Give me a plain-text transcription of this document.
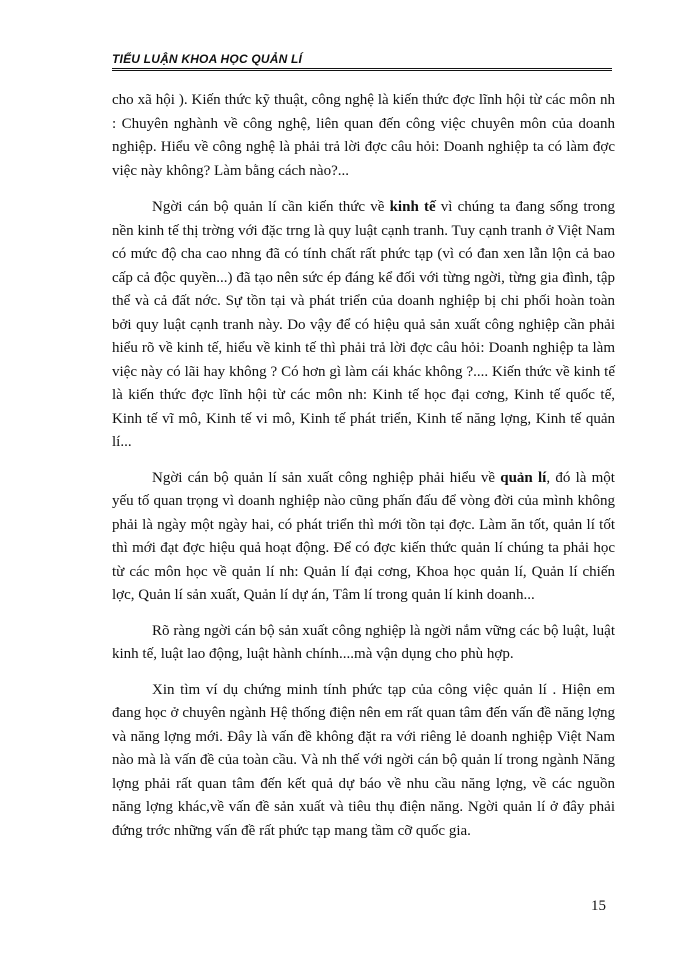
TIỂU LUẬN KHOA HỌC QUẢN LÍ

cho xã hội ). Kiến thức kỹ thuật, công nghệ là kiến thức đợc lĩnh hội từ các môn nh : Chuyên nghành về công nghệ, liên quan đến công việc chuyên môn của doanh nghiệp. Hiểu về công nghệ là phải trả lời đợc câu hỏi: Doanh nghiệp ta có làm đợc việc này không? Làm bằng cách nào?...

Ngời cán bộ quản lí cần kiến thức về kinh tế vì chúng ta đang sống trong nền kinh tế thị trờng với đặc trng là quy luật cạnh tranh. Tuy cạnh tranh ở Việt Nam có mức độ cha cao nhng đã có tính chất rất phức tạp (vì có đan xen lẫn lộn cả bao cấp cả độc quyền...) đã tạo nên sức ép đáng kể đối với từng ngời, từng gia đình, tập thể và cả đất nớc. Sự tồn tại và phát triển của doanh nghiệp bị chi phối hoàn toàn bởi quy luật cạnh tranh này. Do vậy để có hiệu quả sản xuất công nghiệp cần phải hiểu rõ về kinh tế, hiểu về kinh tế thì phải trả lời đợc câu hỏi: Doanh nghiệp ta làm việc này có lãi hay không ? Có hơn gì làm cái khác không ?.... Kiến thức về kinh tế là kiến thức đợc lĩnh hội từ các môn nh: Kinh tế học đại cơng, Kinh tế quốc tế, Kinh tế vĩ mô, Kinh tế vi mô, Kinh tế phát triển, Kinh tế năng lợng, Kinh tế quản lí...

Ngời cán bộ quản lí sản xuất công nghiệp phải hiểu về quản lí, đó là một yếu tố quan trọng vì doanh nghiệp nào cũng phấn đấu để vòng đời của mình không phải là ngày một ngày hai, có phát triển thì mới tồn tại đợc. Làm ăn tốt, quản lí tốt thì mới đạt đợc hiệu quả hoạt động. Để có đợc kiến thức quản lí chúng ta phải học từ các môn học về quản lí nh: Quản lí đại cơng, Khoa học quản lí, Quản lí chiến lợc, Quản lí sản xuất, Quản lí dự án, Tâm lí trong quản lí kinh doanh...

Rõ ràng ngời cán bộ sản xuất công nghiệp là ngời nắm vững các bộ luật, luật kinh tế, luật lao động, luật hành chính....mà vận dụng cho phù hợp.

Xin tìm ví dụ chứng minh tính phức tạp của công việc quản lí . Hiện em đang học ở chuyên ngành Hệ thống điện nên em rất quan tâm đến vấn đề năng lợng và năng lợng mới. Đây là vấn đề không đặt ra với riêng lẻ doanh nghiệp Việt Nam nào mà là vấn đề của toàn cầu. Và nh thế với ngời cán bộ quản lí trong ngành Năng lợng phải rất quan tâm đến kết quả dự báo về nhu cầu năng lợng, về các nguồn năng lợng khác,về vấn đề sản xuất và tiêu thụ điện năng. Ngời quản lí ở đây phải đứng trớc những vấn đề rất phức tạp mang tầm cỡ quốc gia.

15
